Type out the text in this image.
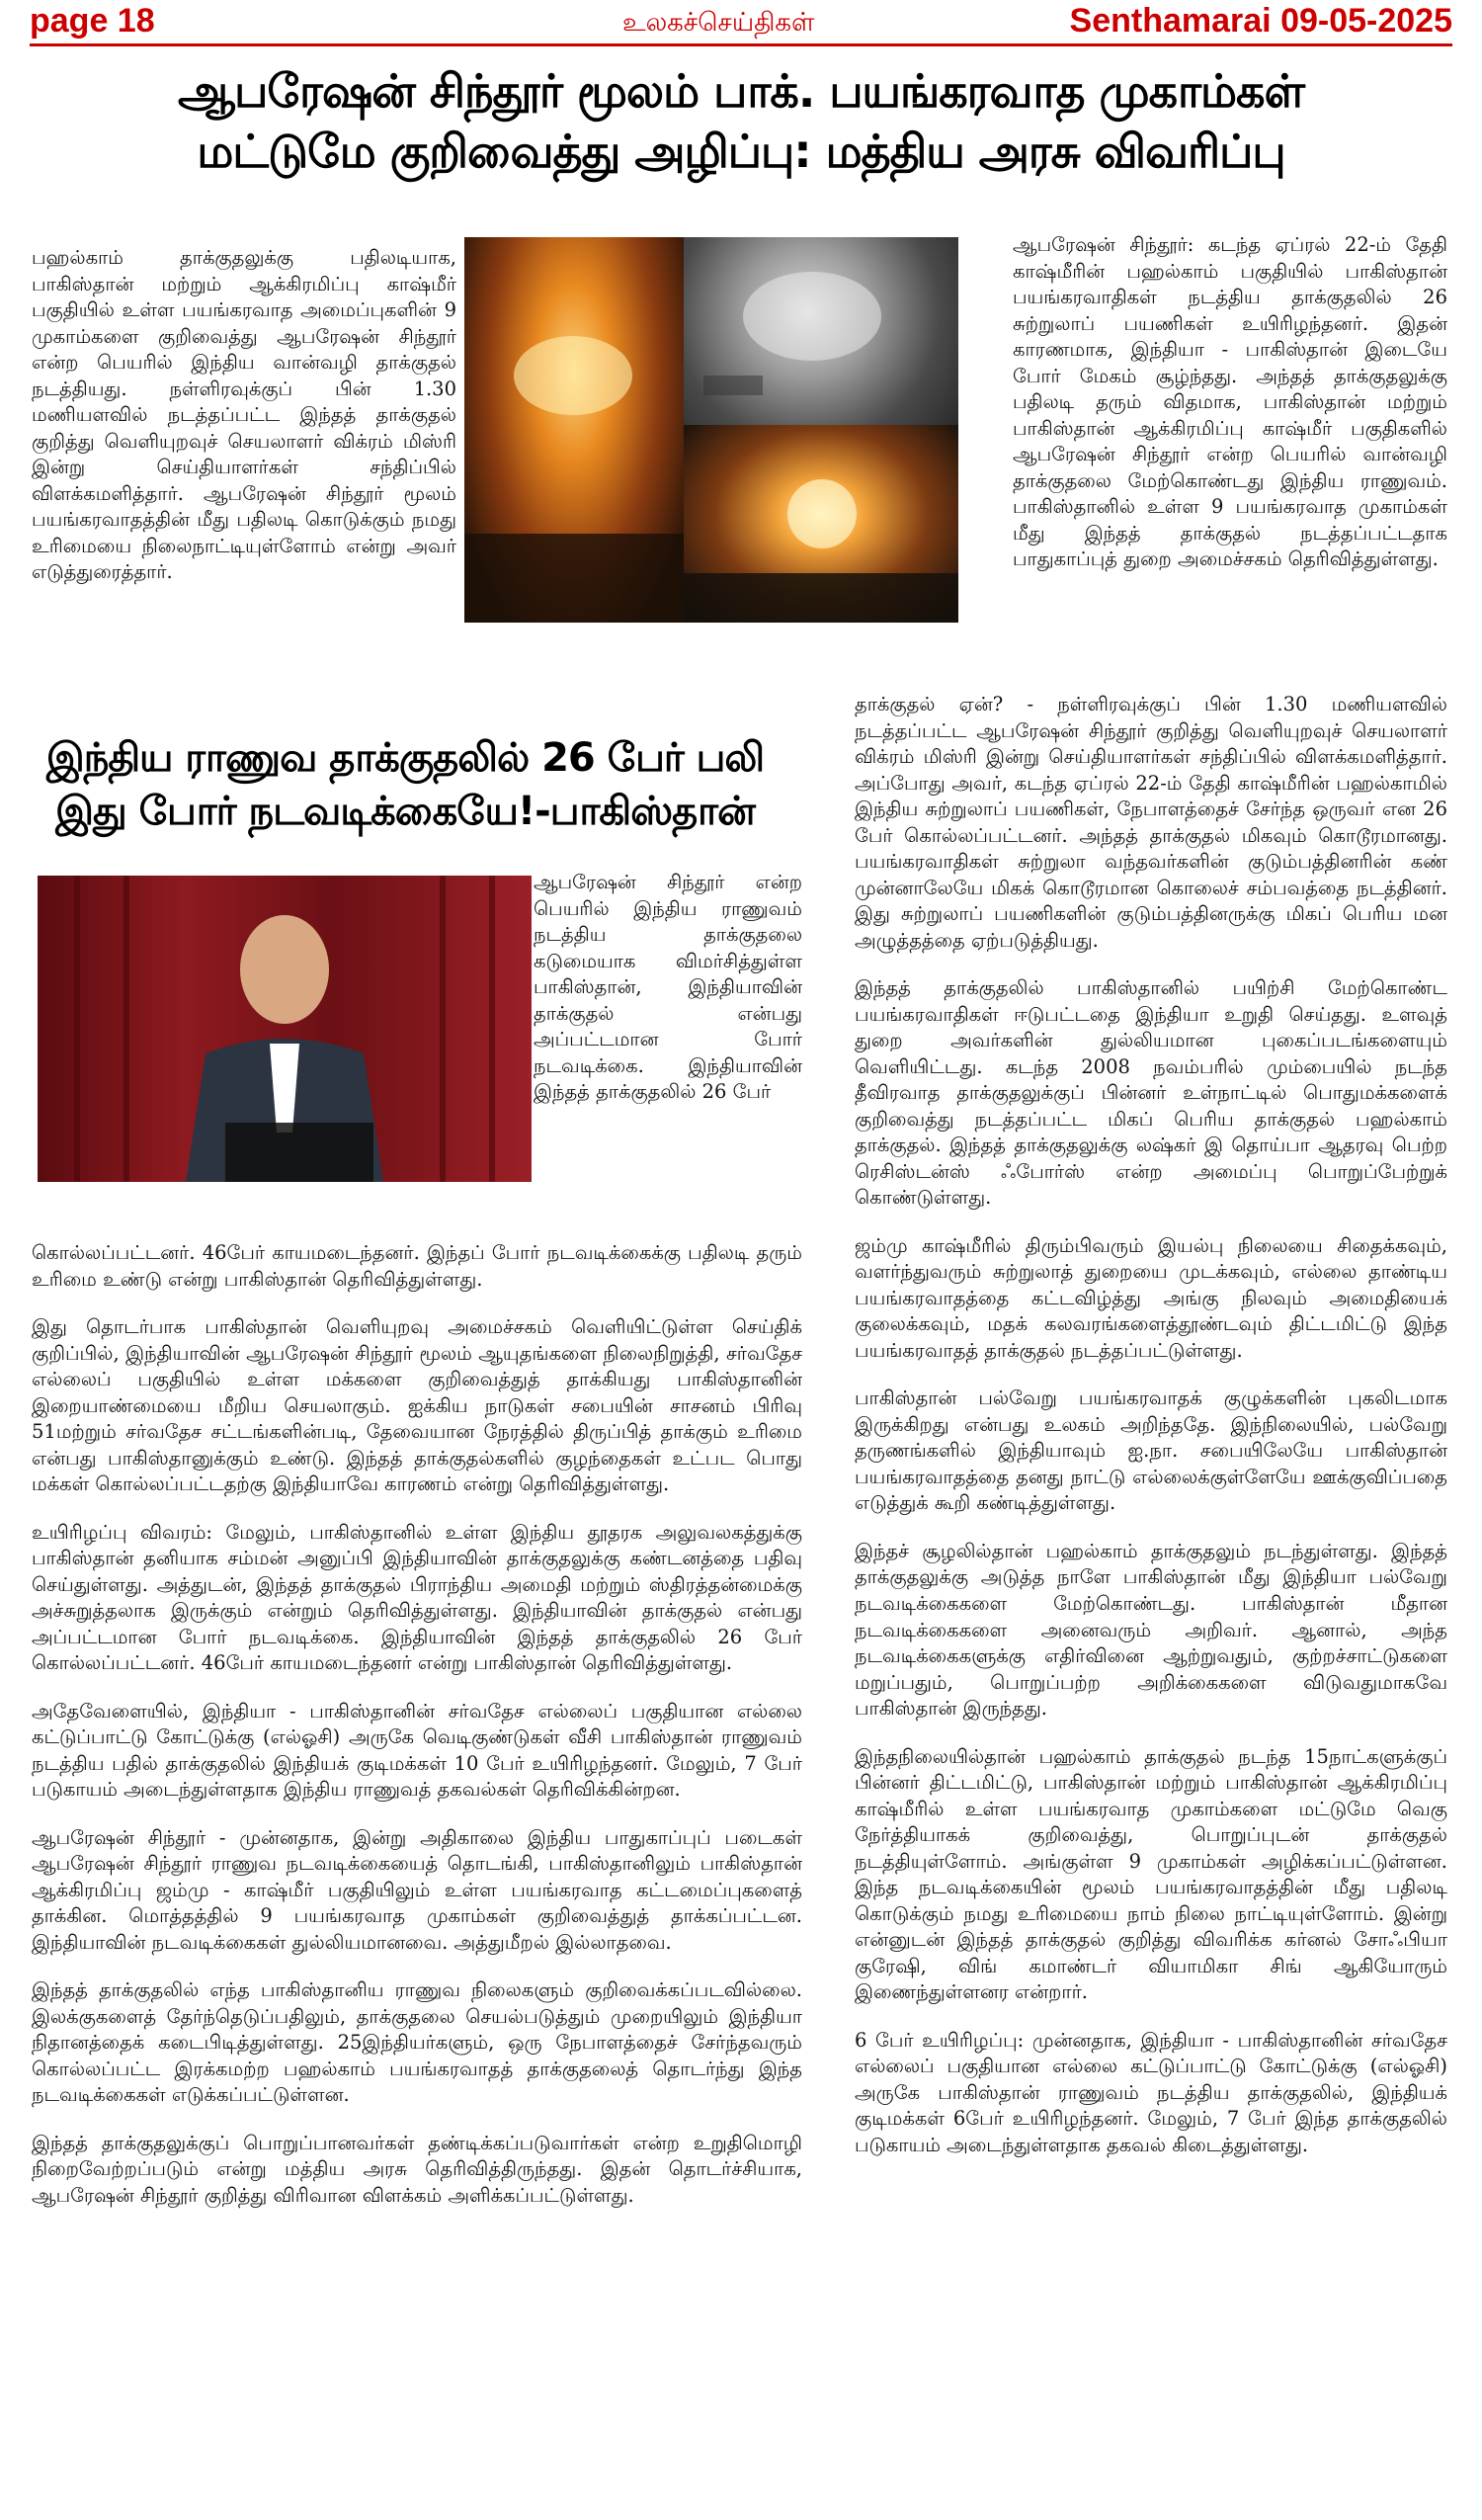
page 18	உலகச்செய்திகள்	Senthamarai 09-05-2025
ஆபரேஷன் சிந்தூர் மூலம் பாக். பயங்கரவாத முகாம்கள்
மட்டுமே குறிவைத்து அழிப்பு: மத்திய அரசு விவரிப்பு

பஹல்காம் தாக்குதலுக்கு பதிலடியாக, பாகிஸ்தான் மற்றும் ஆக்கிரமிப்பு காஷ்மீர் பகுதியில் உள்ள பயங்கரவாத அமைப்புகளின் 9 முகாம்களை குறிவைத்து ஆபரேஷன் சிந்தூர் என்ற பெயரில் இந்திய வான்வழி தாக்குதல் நடத்தியது. நள்ளிரவுக்குப் பின் 1.30 மணியளவில் நடத்தப்பட்ட இந்தத் தாக்குதல் குறித்து வெளியுறவுச் செயலாளர் விக்ரம் மிஸ்ரி இன்று செய்தியாளர்கள் சந்திப்பில் விளக்கமளித்தார். ஆபரேஷன் சிந்தூர் மூலம் பயங்கரவாதத்தின் மீது பதிலடி கொடுக்கும் நமது உரிமையை நிலைநாட்டியுள்ளோம் என்று அவர் எடுத்துரைத்தார்.

ஆபரேஷன் சிந்தூர்: கடந்த ஏப்ரல் 22-ம் தேதி காஷ்மீரின் பஹல்காம் பகுதியில் பாகிஸ்தான் பயங்கரவாதிகள் நடத்திய தாக்குதலில் 26 சுற்றுலாப் பயணிகள் உயிரிழந்தனர். இதன் காரணமாக, இந்தியா - பாகிஸ்தான் இடையே போர் மேகம் சூழ்ந்தது. அந்தத் தாக்குதலுக்கு பதிலடி தரும் விதமாக, பாகிஸ்தான் மற்றும் பாகிஸ்தான் ஆக்கிரமிப்பு காஷ்மீர் பகுதிகளில் ஆபரேஷன் சிந்தூர் என்ற பெயரில் வான்வழி தாக்குதலை மேற்கொண்டது இந்திய ராணுவம். பாகிஸ்தானில் உள்ள 9 பயங்கரவாத முகாம்கள் மீது இந்தத் தாக்குதல் நடத்தப்பட்டதாக பாதுகாப்புத் துறை அமைச்சகம் தெரிவித்துள்ளது.

இந்திய ராணுவ தாக்குதலில் 26 பேர் பலி
இது போர் நடவடிக்கையே!-பாகிஸ்தான்

ஆபரேஷன் சிந்தூர் என்ற பெயரில் இந்திய ராணுவம் நடத்திய தாக்குதலை கடுமையாக விமர்சித்துள்ள பாகிஸ்தான், இந்தியாவின் தாக்குதல் என்பது அப்பட்டமான போர் நடவடிக்கை. இந்தியாவின் இந்தத் தாக்குதலில் 26 பேர்

கொல்லப்பட்டனர். 46பேர் காயமடைந்தனர். இந்தப் போர் நடவடிக்கைக்கு பதிலடி தரும் உரிமை உண்டு என்று பாகிஸ்தான் தெரிவித்துள்ளது.

இது தொடர்பாக பாகிஸ்தான் வெளியுறவு அமைச்சகம் வெளியிட்டுள்ள செய்திக் குறிப்பில், இந்தியாவின் ஆபரேஷன் சிந்தூர் மூலம் ஆயுதங்களை நிலைநிறுத்தி, சர்வதேச எல்லைப் பகுதியில் உள்ள மக்களை குறிவைத்துத் தாக்கியது பாகிஸ்தானின் இறையாண்மையை மீறிய செயலாகும். ஐக்கிய நாடுகள் சபையின் சாசனம் பிரிவு 51மற்றும் சர்வதேச சட்டங்களின்படி, தேவையான நேரத்தில் திருப்பித் தாக்கும் உரிமை என்பது பாகிஸ்தானுக்கும் உண்டு. இந்தத் தாக்குதல்களில் குழந்தைகள் உட்பட பொது மக்கள் கொல்லப்பட்டதற்கு இந்தியாவே காரணம் என்று தெரிவித்துள்ளது.

உயிரிழப்பு விவரம்: மேலும், பாகிஸ்தானில் உள்ள இந்திய தூதரக அலுவலகத்துக்கு பாகிஸ்தான் தனியாக சம்மன் அனுப்பி இந்தியாவின் தாக்குதலுக்கு கண்டனத்தை பதிவு செய்துள்ளது. அத்துடன், இந்தத் தாக்குதல் பிராந்திய அமைதி மற்றும் ஸ்திரத்தன்மைக்கு அச்சுறுத்தலாக இருக்கும் என்றும் தெரிவித்துள்ளது. இந்தியாவின் தாக்குதல் என்பது அப்பட்டமான போர் நடவடிக்கை. இந்தியாவின் இந்தத் தாக்குதலில் 26 பேர் கொல்லப்பட்டனர். 46பேர் காயமடைந்தனர் என்று பாகிஸ்தான் தெரிவித்துள்ளது.

அதேவேளையில், இந்தியா - பாகிஸ்தானின் சர்வதேச எல்லைப் பகுதியான எல்லை கட்டுப்பாட்டு கோட்டுக்கு (எல்ஓசி) அருகே வெடிகுண்டுகள் வீசி பாகிஸ்தான் ராணுவம் நடத்திய பதில் தாக்குதலில் இந்தியக் குடிமக்கள் 10 பேர் உயிரிழந்தனர். மேலும், 7 பேர் படுகாயம் அடைந்துள்ளதாக இந்திய ராணுவத் தகவல்கள் தெரிவிக்கின்றன.

ஆபரேஷன் சிந்தூர் - முன்னதாக, இன்று அதிகாலை இந்திய பாதுகாப்புப் படைகள் ஆபரேஷன் சிந்தூர் ராணுவ நடவடிக்கையைத் தொடங்கி, பாகிஸ்தானிலும் பாகிஸ்தான் ஆக்கிரமிப்பு ஜம்மு - காஷ்மீர் பகுதியிலும் உள்ள பயங்கரவாத கட்டமைப்புகளைத் தாக்கின. மொத்தத்தில் 9 பயங்கரவாத முகாம்கள் குறிவைத்துத் தாக்கப்பட்டன. இந்தியாவின் நடவடிக்கைகள் துல்லியமானவை. அத்துமீறல் இல்லாதவை.

இந்தத் தாக்குதலில் எந்த பாகிஸ்தானிய ராணுவ நிலைகளும் குறிவைக்கப்படவில்லை. இலக்குகளைத் தேர்ந்தெடுப்பதிலும், தாக்குதலை செயல்படுத்தும் முறையிலும் இந்தியா நிதானத்தைக் கடைபிடித்துள்ளது. 25இந்தியர்களும், ஒரு நேபாளத்தைச் சேர்ந்தவரும் கொல்லப்பட்ட இரக்கமற்ற பஹல்காம் பயங்கரவாதத் தாக்குதலைத் தொடர்ந்து இந்த நடவடிக்கைகள் எடுக்கப்பட்டுள்ளன.

இந்தத் தாக்குதலுக்குப் பொறுப்பானவர்கள் தண்டிக்கப்படுவார்கள் என்ற உறுதிமொழி நிறைவேற்றப்படும் என்று மத்திய அரசு தெரிவித்திருந்தது. இதன் தொடர்ச்சியாக, ஆபரேஷன் சிந்தூர் குறித்து விரிவான விளக்கம் அளிக்கப்பட்டுள்ளது.

தாக்குதல் ஏன்? - நள்ளிரவுக்குப் பின் 1.30 மணியளவில் நடத்தப்பட்ட ஆபரேஷன் சிந்தூர் குறித்து வெளியுறவுச் செயலாளர் விக்ரம் மிஸ்ரி இன்று செய்தியாளர்கள் சந்திப்பில் விளக்கமளித்தார். அப்போது அவர், கடந்த ஏப்ரல் 22-ம் தேதி காஷ்மீரின் பஹல்காமில் இந்திய சுற்றுலாப் பயணிகள், நேபாளத்தைச் சேர்ந்த ஒருவர் என 26 பேர் கொல்லப்பட்டனர். அந்தத் தாக்குதல் மிகவும் கொடூரமானது. பயங்கரவாதிகள் சுற்றுலா வந்தவர்களின் குடும்பத்தினரின் கண் முன்னாலேயே மிகக் கொடூரமான கொலைச் சம்பவத்தை நடத்தினர். இது சுற்றுலாப் பயணிகளின் குடும்பத்தினருக்கு மிகப் பெரிய மன அழுத்தத்தை ஏற்படுத்தியது.

இந்தத் தாக்குதலில் பாகிஸ்தானில் பயிற்சி மேற்கொண்ட பயங்கரவாதிகள் ஈடுபட்டதை இந்தியா உறுதி செய்தது. உளவுத் துறை அவர்களின் துல்லியமான புகைப்படங்களையும் வெளியிட்டது. கடந்த 2008 நவம்பரில் மும்பையில் நடந்த தீவிரவாத தாக்குதலுக்குப் பின்னர் உள்நாட்டில் பொதுமக்களைக் குறிவைத்து நடத்தப்பட்ட மிகப் பெரிய தாக்குதல் பஹல்காம் தாக்குதல். இந்தத் தாக்குதலுக்கு லஷ்கர் இ தொய்பா ஆதரவு பெற்ற ரெசிஸ்டன்ஸ் ஃபோர்ஸ் என்ற அமைப்பு பொறுப்பேற்றுக் கொண்டுள்ளது.

ஜம்மு காஷ்மீரில் திரும்பிவரும் இயல்பு நிலையை சிதைக்கவும், வளர்ந்துவரும் சுற்றுலாத் துறையை முடக்கவும், எல்லை தாண்டிய பயங்கரவாதத்தை கட்டவிழ்த்து அங்கு நிலவும் அமைதியைக் குலைக்கவும், மதக் கலவரங்களைத்தூண்டவும் திட்டமிட்டு இந்த பயங்கரவாதத் தாக்குதல் நடத்தப்பட்டுள்ளது.

பாகிஸ்தான் பல்வேறு பயங்கரவாதக் குழுக்களின் புகலிடமாக இருக்கிறது என்பது உலகம் அறிந்ததே. இந்நிலையில், பல்வேறு தருணங்களில் இந்தியாவும் ஐ.நா. சபையிலேயே பாகிஸ்தான் பயங்கரவாதத்தை தனது நாட்டு எல்லைக்குள்ளேயே ஊக்குவிப்பதை எடுத்துக் கூறி கண்டித்துள்ளது.

இந்தச் சூழலில்தான் பஹல்காம் தாக்குதலும் நடந்துள்ளது. இந்தத் தாக்குதலுக்கு அடுத்த நாளே பாகிஸ்தான் மீது இந்தியா பல்வேறு நடவடிக்கைகளை மேற்கொண்டது. பாகிஸ்தான் மீதான நடவடிக்கைகளை அனைவரும் அறிவர். ஆனால், அந்த நடவடிக்கைகளுக்கு எதிர்வினை ஆற்றுவதும், குற்றச்சாட்டுகளை மறுப்பதும், பொறுப்பற்ற அறிக்கைகளை விடுவதுமாகவே பாகிஸ்தான் இருந்தது.

இந்தநிலையில்தான் பஹல்காம் தாக்குதல் நடந்த 15நாட்களுக்குப் பின்னர் திட்டமிட்டு, பாகிஸ்தான் மற்றும் பாகிஸ்தான் ஆக்கிரமிப்பு காஷ்மீரில் உள்ள பயங்கரவாத முகாம்களை மட்டுமே வெகு நேர்த்தியாகக் குறிவைத்து, பொறுப்புடன் தாக்குதல் நடத்தியுள்ளோம். அங்குள்ள 9 முகாம்கள் அழிக்கப்பட்டுள்ளன. இந்த நடவடிக்கையின் மூலம் பயங்கரவாதத்தின் மீது பதிலடி கொடுக்கும் நமது உரிமையை நாம் நிலை நாட்டியுள்ளோம். இன்று என்னுடன் இந்தத் தாக்குதல் குறித்து விவரிக்க கர்னல் சோஃபியா குரேஷி, விங் கமாண்டர் வியாமிகா சிங் ஆகியோரும் இணைந்துள்ளனர என்றார்.

6 பேர் உயிரிழப்பு: முன்னதாக, இந்தியா - பாகிஸ்தானின் சர்வதேச எல்லைப் பகுதியான எல்லை கட்டுப்பாட்டு கோட்டுக்கு (எல்ஓசி) அருகே பாகிஸ்தான் ராணுவம் நடத்திய தாக்குதலில், இந்தியக் குடிமக்கள் 6பேர் உயிரிழந்தனர். மேலும், 7 பேர் இந்த தாக்குதலில் படுகாயம் அடைந்துள்ளதாக தகவல் கிடைத்துள்ளது.
